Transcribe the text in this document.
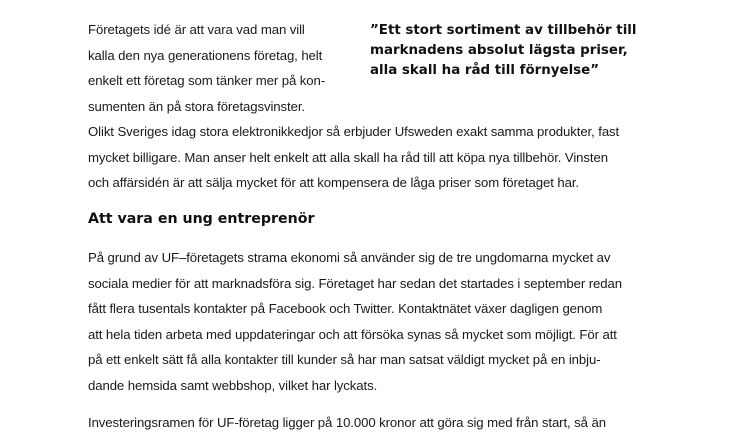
Företagets idé är att vara vad man vill
kalla den nya generationens företag, helt
enkelt ett företag som tänker mer på kon-
sumenten än på stora företagsvinster.
”Ett stort sortiment av tillbehör till
marknadens absolut lägsta priser,
alla skall ha råd till förnyelse”
Olikt Sveriges idag stora elektronikkedjor så erbjuder Ufsweden exakt samma produkter, fast
mycket billigare. Man anser helt enkelt att alla skall ha råd till att köpa nya tillbehör. Vinsten
och affärsidén är att sälja mycket för att kompensera de låga priser som företaget har.
Att vara en ung entreprenör
På grund av UF–företagets strama ekonomi så använder sig de tre ungdomarna mycket av
sociala medier för att marknadsföra sig. Företaget har sedan det startades i september redan
fått flera tusentals kontakter på Facebook och Twitter. Kontaktnätet växer dagligen genom
att hela tiden arbeta med uppdateringar och att försöka synas så mycket som möjligt. För att
på ett enkelt sätt få alla kontakter till kunder så har man satsat väldigt mycket på en inbju-
dande hemsida samt webbshop, vilket har lyckats.
Investeringsramen för UF-företag ligger på 10.000 kronor att göra sig med från start, så än
